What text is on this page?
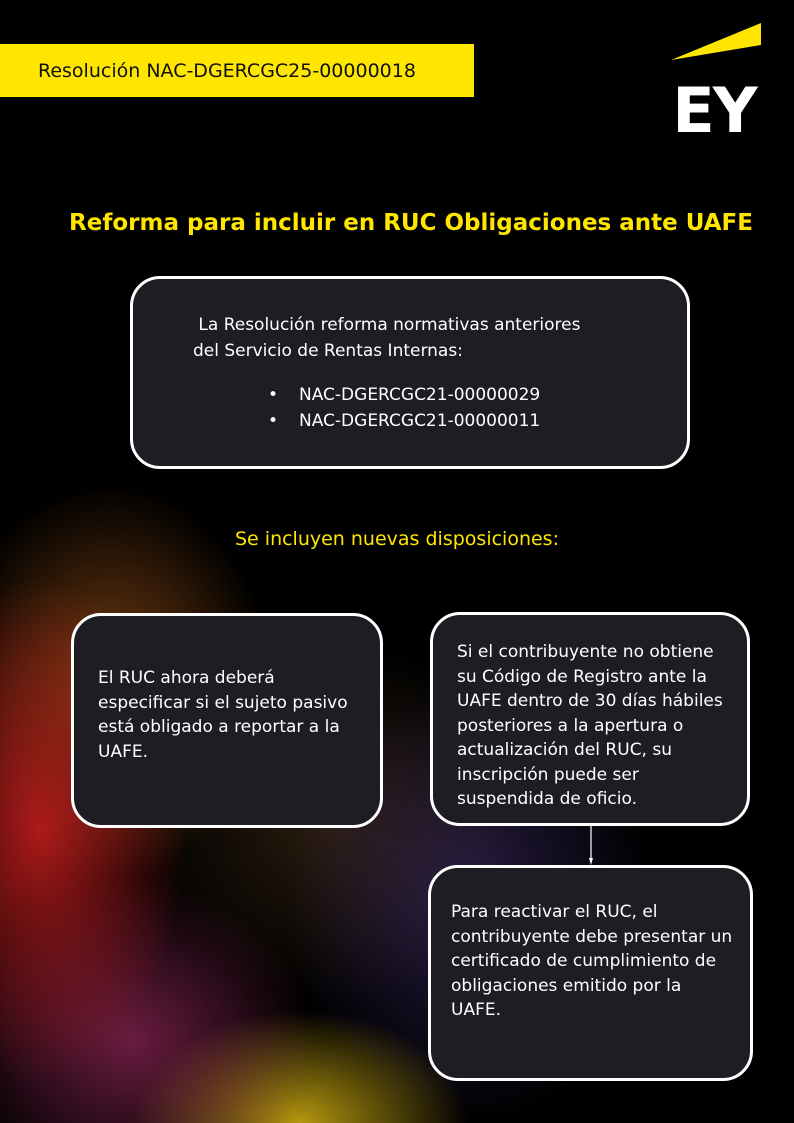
Resolución NAC-DGERCGC25-00000018
EY
Reforma para incluir en RUC Obligaciones ante UAFE

La Resolución reforma normativas anteriores

del Servicio de Rentas Internas:

• NAC-DGERCGC21-00000029
• NAC-DGERCGC21-00000011
Se incluyen nuevas disposiciones:

El RUC ahora deberá especificar si el sujeto pasivo está obligado a reportar a la UAFE.

Si el contribuyente no obtiene su Código de Registro ante la UAFE dentro de 30 días hábiles posteriores a la apertura o actualización del RUC, su inscripción puede ser suspendida de oficio.

Para reactivar el RUC, el contribuyente debe presentar un certificado de cumplimiento de obligaciones emitido por la UAFE.
